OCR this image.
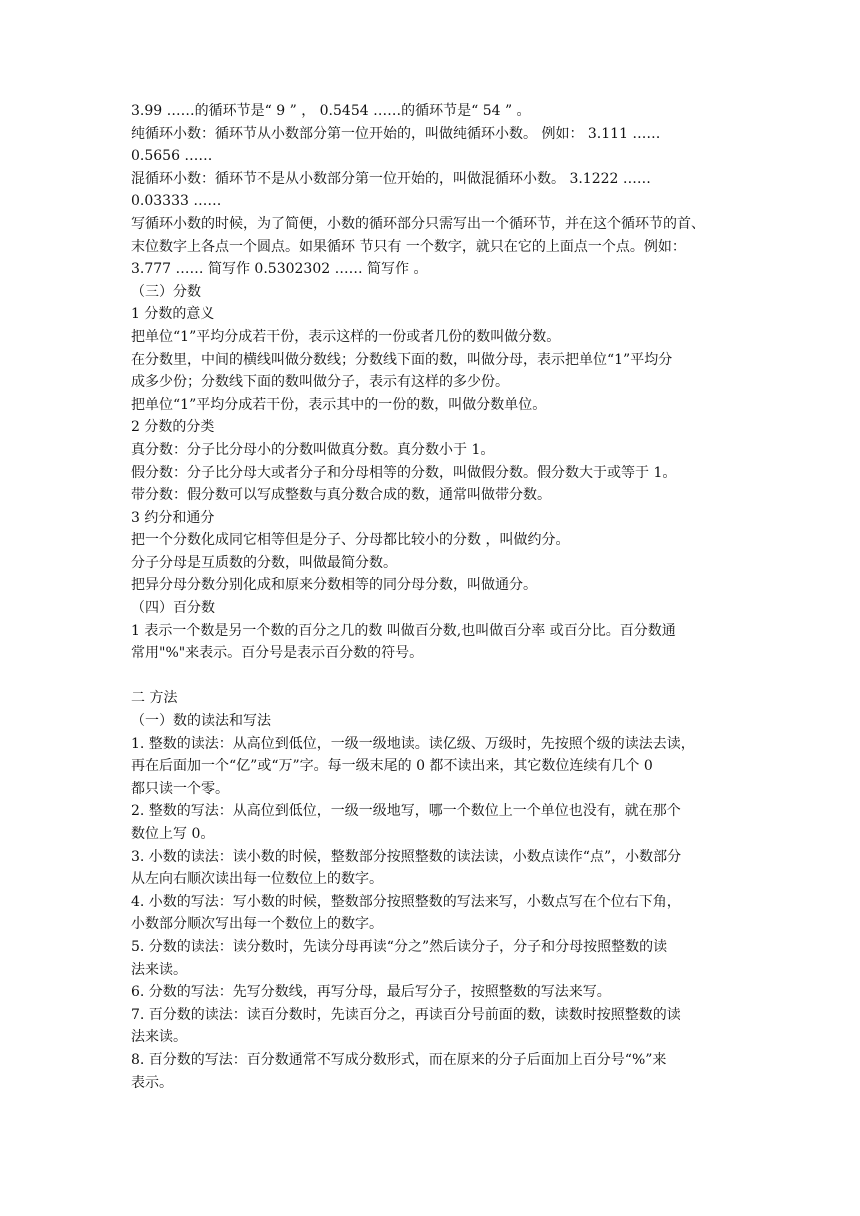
3.99 ……的循环节是“ 9 ” ， 0.5454 ……的循环节是“ 54 ” 。
纯循环小数：循环节从小数部分第一位开始的，叫做纯循环小数。 例如： 3.111 ……
0.5656 ……
混循环小数：循环节不是从小数部分第一位开始的，叫做混循环小数。 3.1222 ……
0.03333 ……
写循环小数的时候，为了简便，小数的循环部分只需写出一个循环节，并在这个循环节的首、
末位数字上各点一个圆点。如果循环 节只有 一个数字，就只在它的上面点一个点。例如：
3.777 …… 简写作 0.5302302 …… 简写作 。
（三）分数
1 分数的意义
把单位“1”平均分成若干份，表示这样的一份或者几份的数叫做分数。
在分数里，中间的横线叫做分数线；分数线下面的数，叫做分母，表示把单位“1”平均分
成多少份；分数线下面的数叫做分子，表示有这样的多少份。
把单位“1”平均分成若干份，表示其中的一份的数，叫做分数单位。
2 分数的分类
真分数：分子比分母小的分数叫做真分数。真分数小于 1。
假分数：分子比分母大或者分子和分母相等的分数，叫做假分数。假分数大于或等于 1。
带分数：假分数可以写成整数与真分数合成的数，通常叫做带分数。
3 约分和通分
把一个分数化成同它相等但是分子、分母都比较小的分数 ，叫做约分。
分子分母是互质数的分数，叫做最简分数。
把异分母分数分别化成和原来分数相等的同分母分数，叫做通分。
（四）百分数
1 表示一个数是另一个数的百分之几的数 叫做百分数,也叫做百分率 或百分比。百分数通
常用"%"来表示。百分号是表示百分数的符号。
二 方法
（一）数的读法和写法
1. 整数的读法：从高位到低位，一级一级地读。读亿级、万级时，先按照个级的读法去读，
再在后面加一个“亿”或“万”字。每一级末尾的 0 都不读出来，其它数位连续有几个 0
都只读一个零。
2. 整数的写法：从高位到低位，一级一级地写，哪一个数位上一个单位也没有，就在那个
数位上写 0。
3. 小数的读法：读小数的时候，整数部分按照整数的读法读，小数点读作“点”，小数部分
从左向右顺次读出每一位数位上的数字。
4. 小数的写法：写小数的时候，整数部分按照整数的写法来写，小数点写在个位右下角，
小数部分顺次写出每一个数位上的数字。
5. 分数的读法：读分数时，先读分母再读“分之”然后读分子，分子和分母按照整数的读
法来读。
6. 分数的写法：先写分数线，再写分母，最后写分子，按照整数的写法来写。
7. 百分数的读法：读百分数时，先读百分之，再读百分号前面的数，读数时按照整数的读
法来读。
8. 百分数的写法：百分数通常不写成分数形式，而在原来的分子后面加上百分号“%”来
表示。
